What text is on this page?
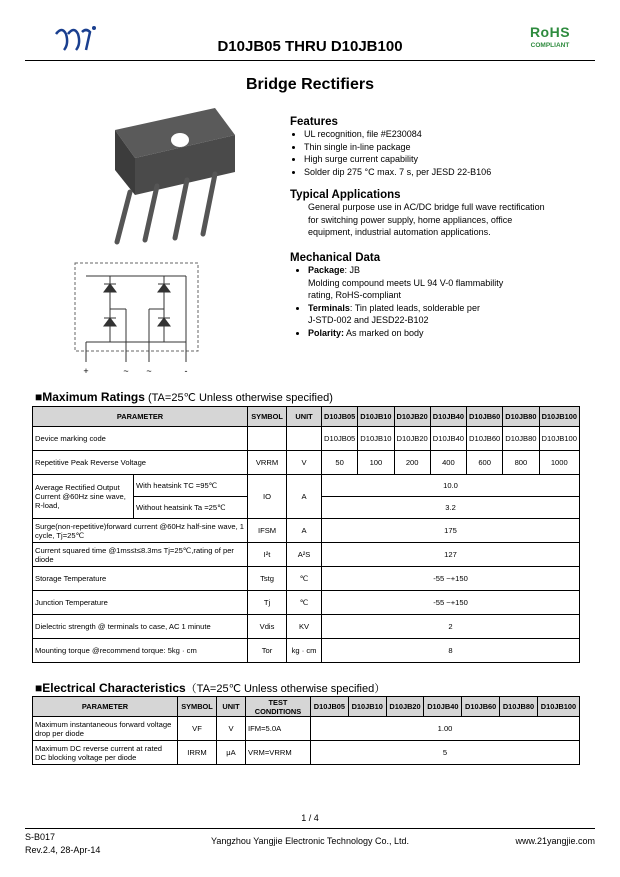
D10JB05 THRU D10JB100
RoHS
COMPLIANT
Bridge Rectifiers
+	~ ~	-
Features
• UL recognition, file #E230084
• Thin single in-line package
• High surge current capability
• Solder dip 275 °C max. 7 s, per JESD 22-B106
Typical Applications
General purpose use in AC/DC bridge full wave rectification
for switching power supply, home appliances, office
equipment, industrial automation applications.
Mechanical Data
• Package: JB
Molding compound meets UL 94 V-0 flammability
rating, RoHS-compliant
• Terminals: Tin plated leads, solderable per
J-STD-002 and JESD22-B102
• Polarity: As marked on body
■Maximum Ratings (TA=25℃ Unless otherwise specified)
PARAMETER		SYMBOL	UNIT	D10JB05	D10JB10	D10JB20	D10JB40	D10JB60	D10JB80	D10JB100
Device marking code				D10JB05	D10JB10	D10JB20	D10JB40	D10JB60	D10JB80	D10JB100
Repetitive Peak Reverse Voltage		VRRM	V	50	100	200	400	600	800	1000
Average Rectified Output Current @60Hz sine wave, R-load,	With heatsink TC =95℃	IO	A	10.0						
	Without heatsink Ta =25℃			3.2						
Surge(non-repetitive)forward current @60Hz half-sine wave, 1 cycle, Tj=25℃		IFSM	A	175						
Current squared time @1ms≤t≤8.3ms Tj=25℃,rating of per diode		I²t	A²S	127						
Storage Temperature		Tstg	℃	-55 ~+150						
Junction Temperature		Tj	℃	-55 ~+150						
Dielectric strength @ terminals to case, AC 1 minute		Vdis	KV	2						
Mounting torque @recommend torque: 5kg · cm		Tor	kg · cm	8						
■Electrical Characteristics（TA=25℃ Unless otherwise specified）
PARAMETER	SYMBOL	UNIT	TEST CONDITIONS	D10JB05	D10JB10	D10JB20	D10JB40	D10JB60	D10JB80	D10JB100
Maximum instantaneous forward voltage drop per diode	VF	V	IFM=5.0A	1.00						
Maximum DC reverse current at rated DC blocking voltage per diode	IRRM	μA	VRM=VRRM	5						
1 / 4
S-B017
Rev.2.4, 28-Apr-14
Yangzhou Yangjie Electronic Technology Co., Ltd.	www.21yangjie.com
